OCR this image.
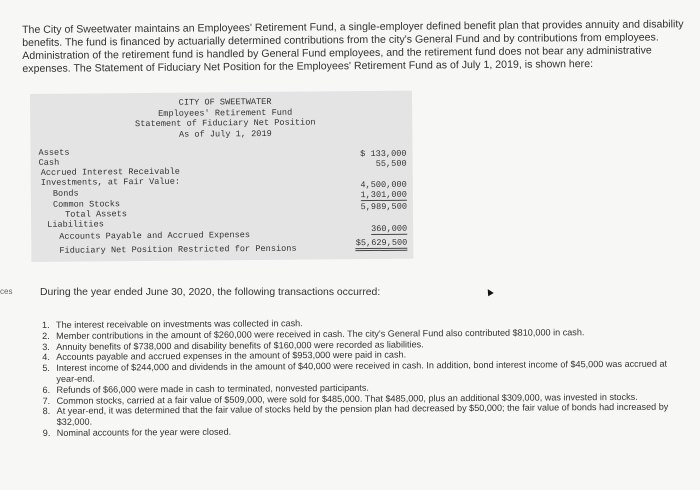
The City of Sweetwater maintains an Employees' Retirement Fund, a single-employer defined benefit plan that provides annuity and disability benefits. The fund is financed by actuarially determined contributions from the city's General Fund and by contributions from employees. Administration of the retirement fund is handled by General Fund employees, and the retirement fund does not bear any administrative expenses. The Statement of Fiduciary Net Position for the Employees' Retirement Fund as of July 1, 2019, is shown here:
CITY OF SWEETWATER
Employees' Retirement Fund
Statement of Fiduciary Net Position
As of July 1, 2019
Assets
Cash
$ 133,000
Accrued Interest Receivable
55,500
Investments, at Fair Value:
Bonds
4,500,000
Common Stocks
1,301,000
Total Assets
5,989,500
Liabilities
Accounts Payable and Accrued Expenses
360,000
Fiduciary Net Position Restricted for Pensions
$5,629,500
ces	During the year ended June 30, 2020, the following transactions occurred:	▲
1. The interest receivable on investments was collected in cash.
2. Member contributions in the amount of $260,000 were received in cash. The city's General Fund also contributed $810,000 in cash.
3. Annuity benefits of $738,000 and disability benefits of $160,000 were recorded as liabilities.
4. Accounts payable and accrued expenses in the amount of $953,000 were paid in cash.
5. Interest income of $244,000 and dividends in the amount of $40,000 were received in cash. In addition, bond interest income of $45,000 was accrued at year-end.
6. Refunds of $66,000 were made in cash to terminated, nonvested participants.
7. Common stocks, carried at a fair value of $509,000, were sold for $485,000. That $485,000, plus an additional $309,000, was invested in stocks.
8. At year-end, it was determined that the fair value of stocks held by the pension plan had decreased by $50,000; the fair value of bonds had increased by $32,000.
9. Nominal accounts for the year were closed.
